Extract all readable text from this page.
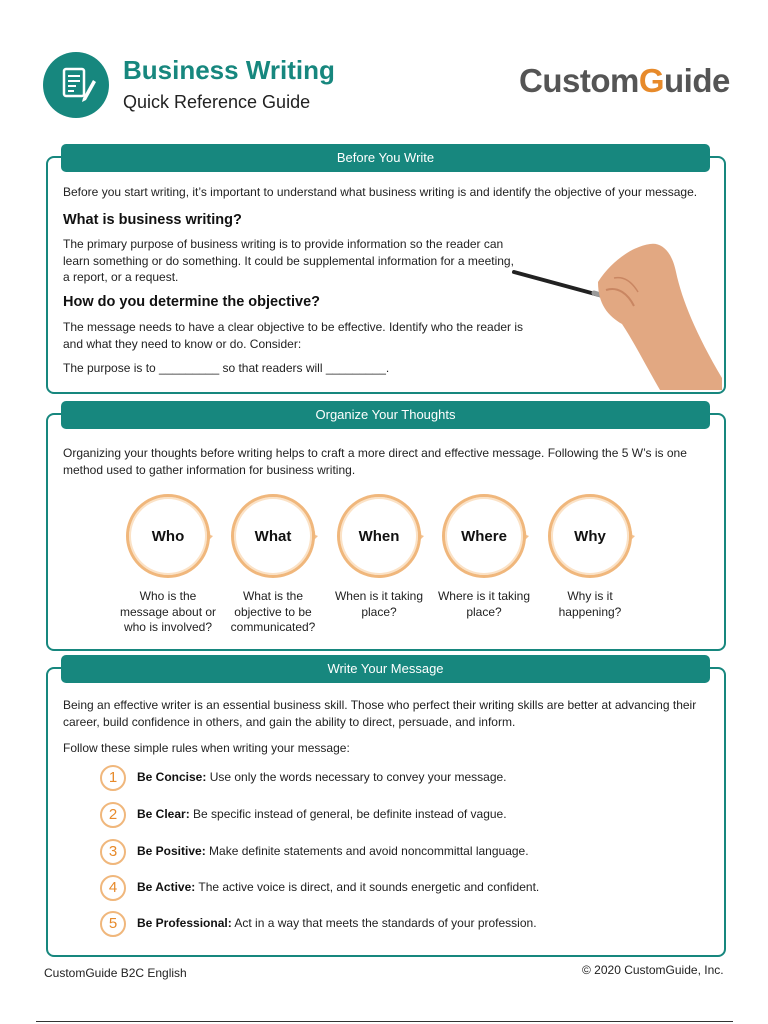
Business Writing
Quick Reference Guide
CustomGuide
Before You Write
Before you start writing, it’s important to understand what business writing is and identify the objective of your message.
What is business writing?
The primary purpose of business writing is to provide information so the reader can learn something or do something. It could be supplemental information for a meeting, a report, or a request.
How do you determine the objective?
The message needs to have a clear objective to be effective. Identify who the reader is and what they need to know or do. Consider:
The purpose is to _________ so that readers will _________.
Organize Your Thoughts
Organizing your thoughts before writing helps to craft a more direct and effective message. Following the 5 W’s is one method used to gather information for business writing.
Who
Who is the message about or who is involved?
What
What is the objective to be communicated?
When
When is it taking place?
Where
Where is it taking place?
Why
Why is it happening?
Write Your Message
Being an effective writer is an essential business skill. Those who perfect their writing skills are better at advancing their career, build confidence in others, and gain the ability to direct, persuade, and inform.
Follow these simple rules when writing your message:
1	Be Concise: Use only the words necessary to convey your message.
2	Be Clear: Be specific instead of general, be definite instead of vague.
3	Be Positive: Make definite statements and avoid noncommittal language.
4	Be Active: The active voice is direct, and it sounds energetic and confident.
5	Be Professional: Act in a way that meets the standards of your profession.
CustomGuide B2C English	© 2020 CustomGuide, Inc.
